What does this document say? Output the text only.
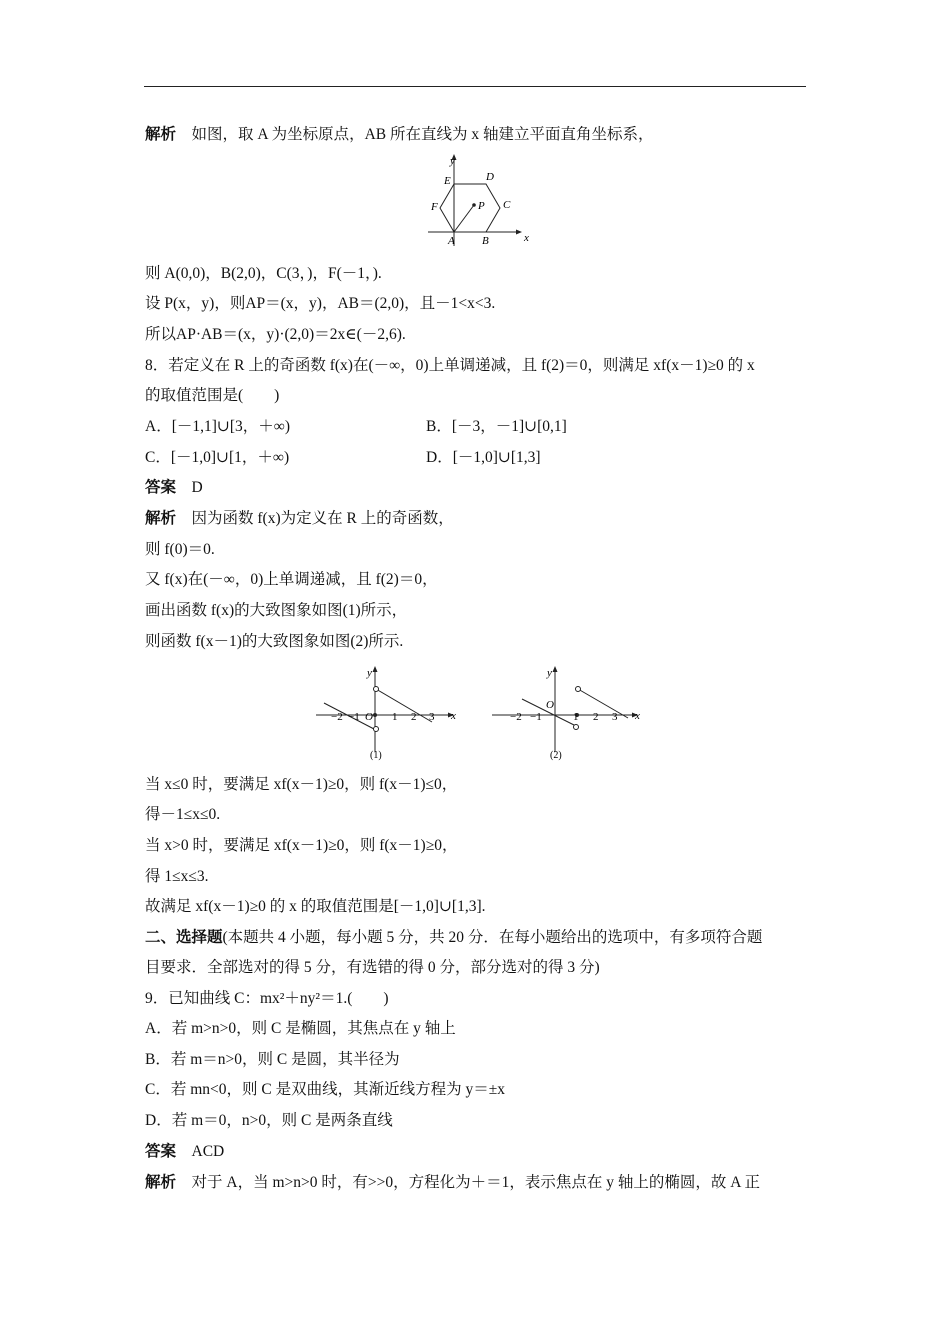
解析　如图，取 A 为坐标原点，AB 所在直线为 x 轴建立平面直角坐标系，
y
x
E	D
F	P C
A B
则 A(0,0)，B(2,0)，C(3，)，F(－1，).
设 P(x，y)，则AP＝(x，y)，AB＝(2,0)，且－1<x<3.
所以AP·AB＝(x，y)·(2,0)＝2x∈(－2,6).
8．若定义在 R 上的奇函数 f(x)在(－∞，0)上单调递减，且 f(2)＝0，则满足 xf(x－1)≥0 的 x
的取值范围是(　　)
A．[－1,1]∪[3，＋∞)	B．[－3，－1]∪[0,1]
C．[－1,0]∪[1，＋∞)	D．[－1,0]∪[1,3]
答案　D
解析　因为函数 f(x)为定义在 R 上的奇函数，
则 f(0)＝0.
又 f(x)在(－∞，0)上单调递减，且 f(2)＝0，
画出函数 f(x)的大致图象如图(1)所示，
则函数 f(x－1)的大致图象如图(2)所示.
y
x
O
−2 −1	1 2 3
(1)
y
x
O
−2 −1	1 2 3
(2)
当 x≤0 时，要满足 xf(x－1)≥0，则 f(x－1)≤0，
得－1≤x≤0.
当 x>0 时，要满足 xf(x－1)≥0，则 f(x－1)≥0，
得 1≤x≤3.
故满足 xf(x－1)≥0 的 x 的取值范围是[－1,0]∪[1,3].
二、选择题(本题共 4 小题，每小题 5 分，共 20 分．在每小题给出的选项中，有多项符合题
目要求．全部选对的得 5 分，有选错的得 0 分，部分选对的得 3 分)
9．已知曲线 C：mx²＋ny²＝1.(　　)
A．若 m>n>0，则 C 是椭圆，其焦点在 y 轴上
B．若 m＝n>0，则 C 是圆，其半径为
C．若 mn<0，则 C 是双曲线，其渐近线方程为 y＝±x
D．若 m＝0，n>0，则 C 是两条直线
答案　ACD
解析　对于 A，当 m>n>0 时，有>>0，方程化为＋＝1，表示焦点在 y 轴上的椭圆，故 A 正
